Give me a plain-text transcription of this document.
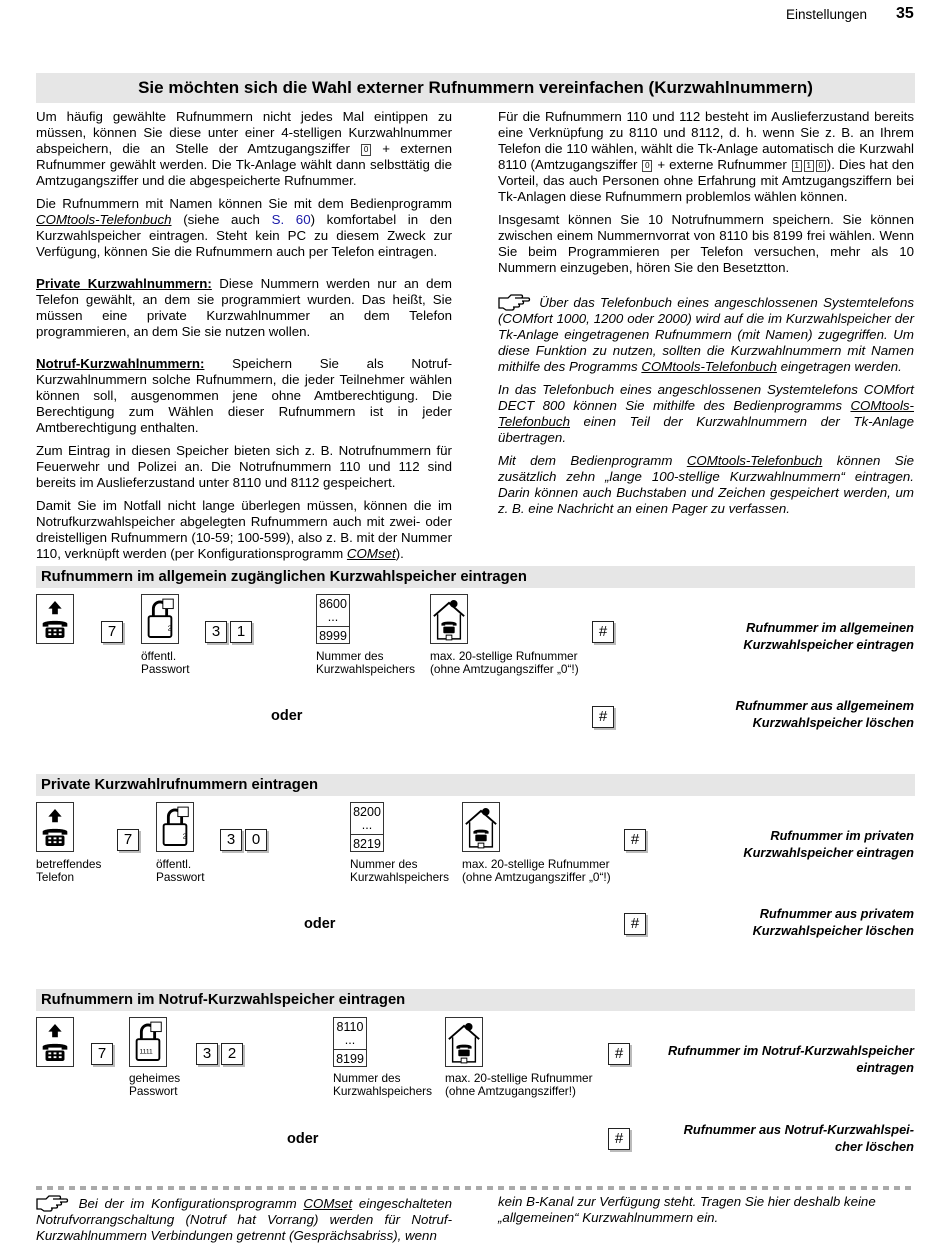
Einstellungen 35
Sie möchten sich die Wahl externer Rufnummern vereinfachen (Kurzwahlnummern)

Um häufig gewählte Rufnummern nicht jedes Mal eintippen zu müssen, können Sie diese unter einer 4-stelligen Kurzwahlnummer abspeichern, die an Stelle der Amtzugangsziffer 0 + externen Rufnummer gewählt werden. Die Tk-Anlage wählt dann selbsttätig die Amtzugangsziffer und die abgespeicherte Rufnummer.

Die Rufnummern mit Namen können Sie mit dem Bedienprogramm COMtools-Telefonbuch (siehe auch S. 60) komfortabel in den Kurzwahlspeicher eintragen. Steht kein PC zu diesem Zweck zur Verfügung, können Sie die Rufnummern auch per Telefon eintragen.

Private Kurzwahlnummern: Diese Nummern werden nur an dem Telefon gewählt, an dem sie programmiert wurden. Das heißt, Sie müssen eine private Kurzwahlnummer an dem Telefon programmieren, an dem Sie sie nutzen wollen.

Notruf-Kurzwahlnummern: Speichern Sie als Notruf-Kurzwahlnummern solche Rufnummern, die jeder Teilnehmer wählen können soll, ausgenommen jene ohne Amtberechtigung. Die Berechtigung zum Wählen dieser Rufnummern ist in jeder Amtberechtigung enthalten.

Zum Eintrag in diesen Speicher bieten sich z. B. Notrufnummern für Feuerwehr und Polizei an. Die Notrufnummern 110 und 112 sind bereits im Auslieferzustand unter 8110 und 8112 gespeichert.

Damit Sie im Notfall nicht lange überlegen müssen, können die im Notrufkurzwahlspeicher abgelegten Rufnummern auch mit zwei- oder dreistelligen Rufnummern (10-59; 100-599), also z. B. mit der Nummer 110, verknüpft werden (per Konfigurationsprogramm COMset).

Für die Rufnummern 110 und 112 besteht im Auslieferzustand bereits eine Verknüpfung zu 8110 und 8112, d. h. wenn Sie z. B. an Ihrem Telefon die 110 wählen, wählt die Tk-Anlage automatisch die Kurzwahl 8110 (Amtzugangsziffer 0 + externe Rufnummer 1 1 0 ). Dies hat den Vorteil, das auch Personen ohne Erfahrung mit Amtzugangsziffern bei Tk-Anlagen diese Rufnummern problemlos wählen können.

Insgesamt können Sie 10 Notrufnummern speichern. Sie können zwischen einem Nummernvorrat von 8110 bis 8199 frei wählen. Wenn Sie beim Programmieren per Telefon versuchen, mehr als 10 Nummern einzugeben, hören Sie den Besetztton.

Über das Telefonbuch eines angeschlossenen Systemtelefons (COMfort 1000, 1200 oder 2000) wird auf die im Kurzwahlspeicher der Tk-Anlage eingetragenen Rufnummern (mit Namen) zugegriffen. Um diese Funktion zu nutzen, sollten die Kurzwahlnummern mit Namen mithilfe des Programms COMtools-Telefonbuch eingetragen werden.

In das Telefonbuch eines angeschlossenen Systemtelefons COMfort DECT 800 können Sie mithilfe des Bedienprogramms COMtools-Telefonbuch einen Teil der Kurzwahlnummern der Tk-Anlage übertragen.

Mit dem Bedienprogramm COMtools-Telefonbuch können Sie zusätzlich zehn „lange 100-stellige Kurzwahlnummern“ eintragen. Darin können auch Buchstaben und Zeichen gespeichert werden, um z. B. eine Nachricht an einen Pager zu verfassen.

Rufnummern im allgemein zugänglichen Kurzwahlspeicher eintragen
7	2	3	1
8600
...
8999	#
öffentl.
Passwort
Nummer des
Kurzwahlspeichers
max. 20-stellige Rufnummer
(ohne Amtzugangsziffer „0“!)
Rufnummer im allgemeinen
Kurzwahlspeicher eintragen
oder	#
Rufnummer aus allgemeinem
Kurzwahlspeicher löschen
Private Kurzwahlrufnummern eintragen
7	2	3	0
8200
...
8219	#
betreffendes
Telefon
öffentl.
Passwort
Nummer des
Kurzwahlspeichers
max. 20-stellige Rufnummer
(ohne Amtzugangsziffer „0“!)
Rufnummer im privaten
Kurzwahlspeicher eintragen
oder	#
Rufnummer aus privatem
Kurzwahlspeicher löschen
Rufnummern im Notruf-Kurzwahlspeicher eintragen
7	1111	3	2
8110
...
8199	#
geheimes
Passwort
Nummer des
Kurzwahlspeichers
max. 20-stellige Rufnummer
(ohne Amtzugangsziffer!)
Rufnummer im Notruf-Kurzwahlspeicher
eintragen
oder	#
Rufnummer aus Notruf-Kurzwahlspei-
cher löschen
Bei der im Konfigurationsprogramm COMset eingeschalteten Notrufvorrangschaltung (Notruf hat Vorrang) werden für Notruf-Kurzwahlnummern Verbindungen getrennt (Gesprächsabriss), wenn
kein B-Kanal zur Verfügung steht. Tragen Sie hier deshalb keine „allgemeinen“ Kurzwahlnummern ein.
